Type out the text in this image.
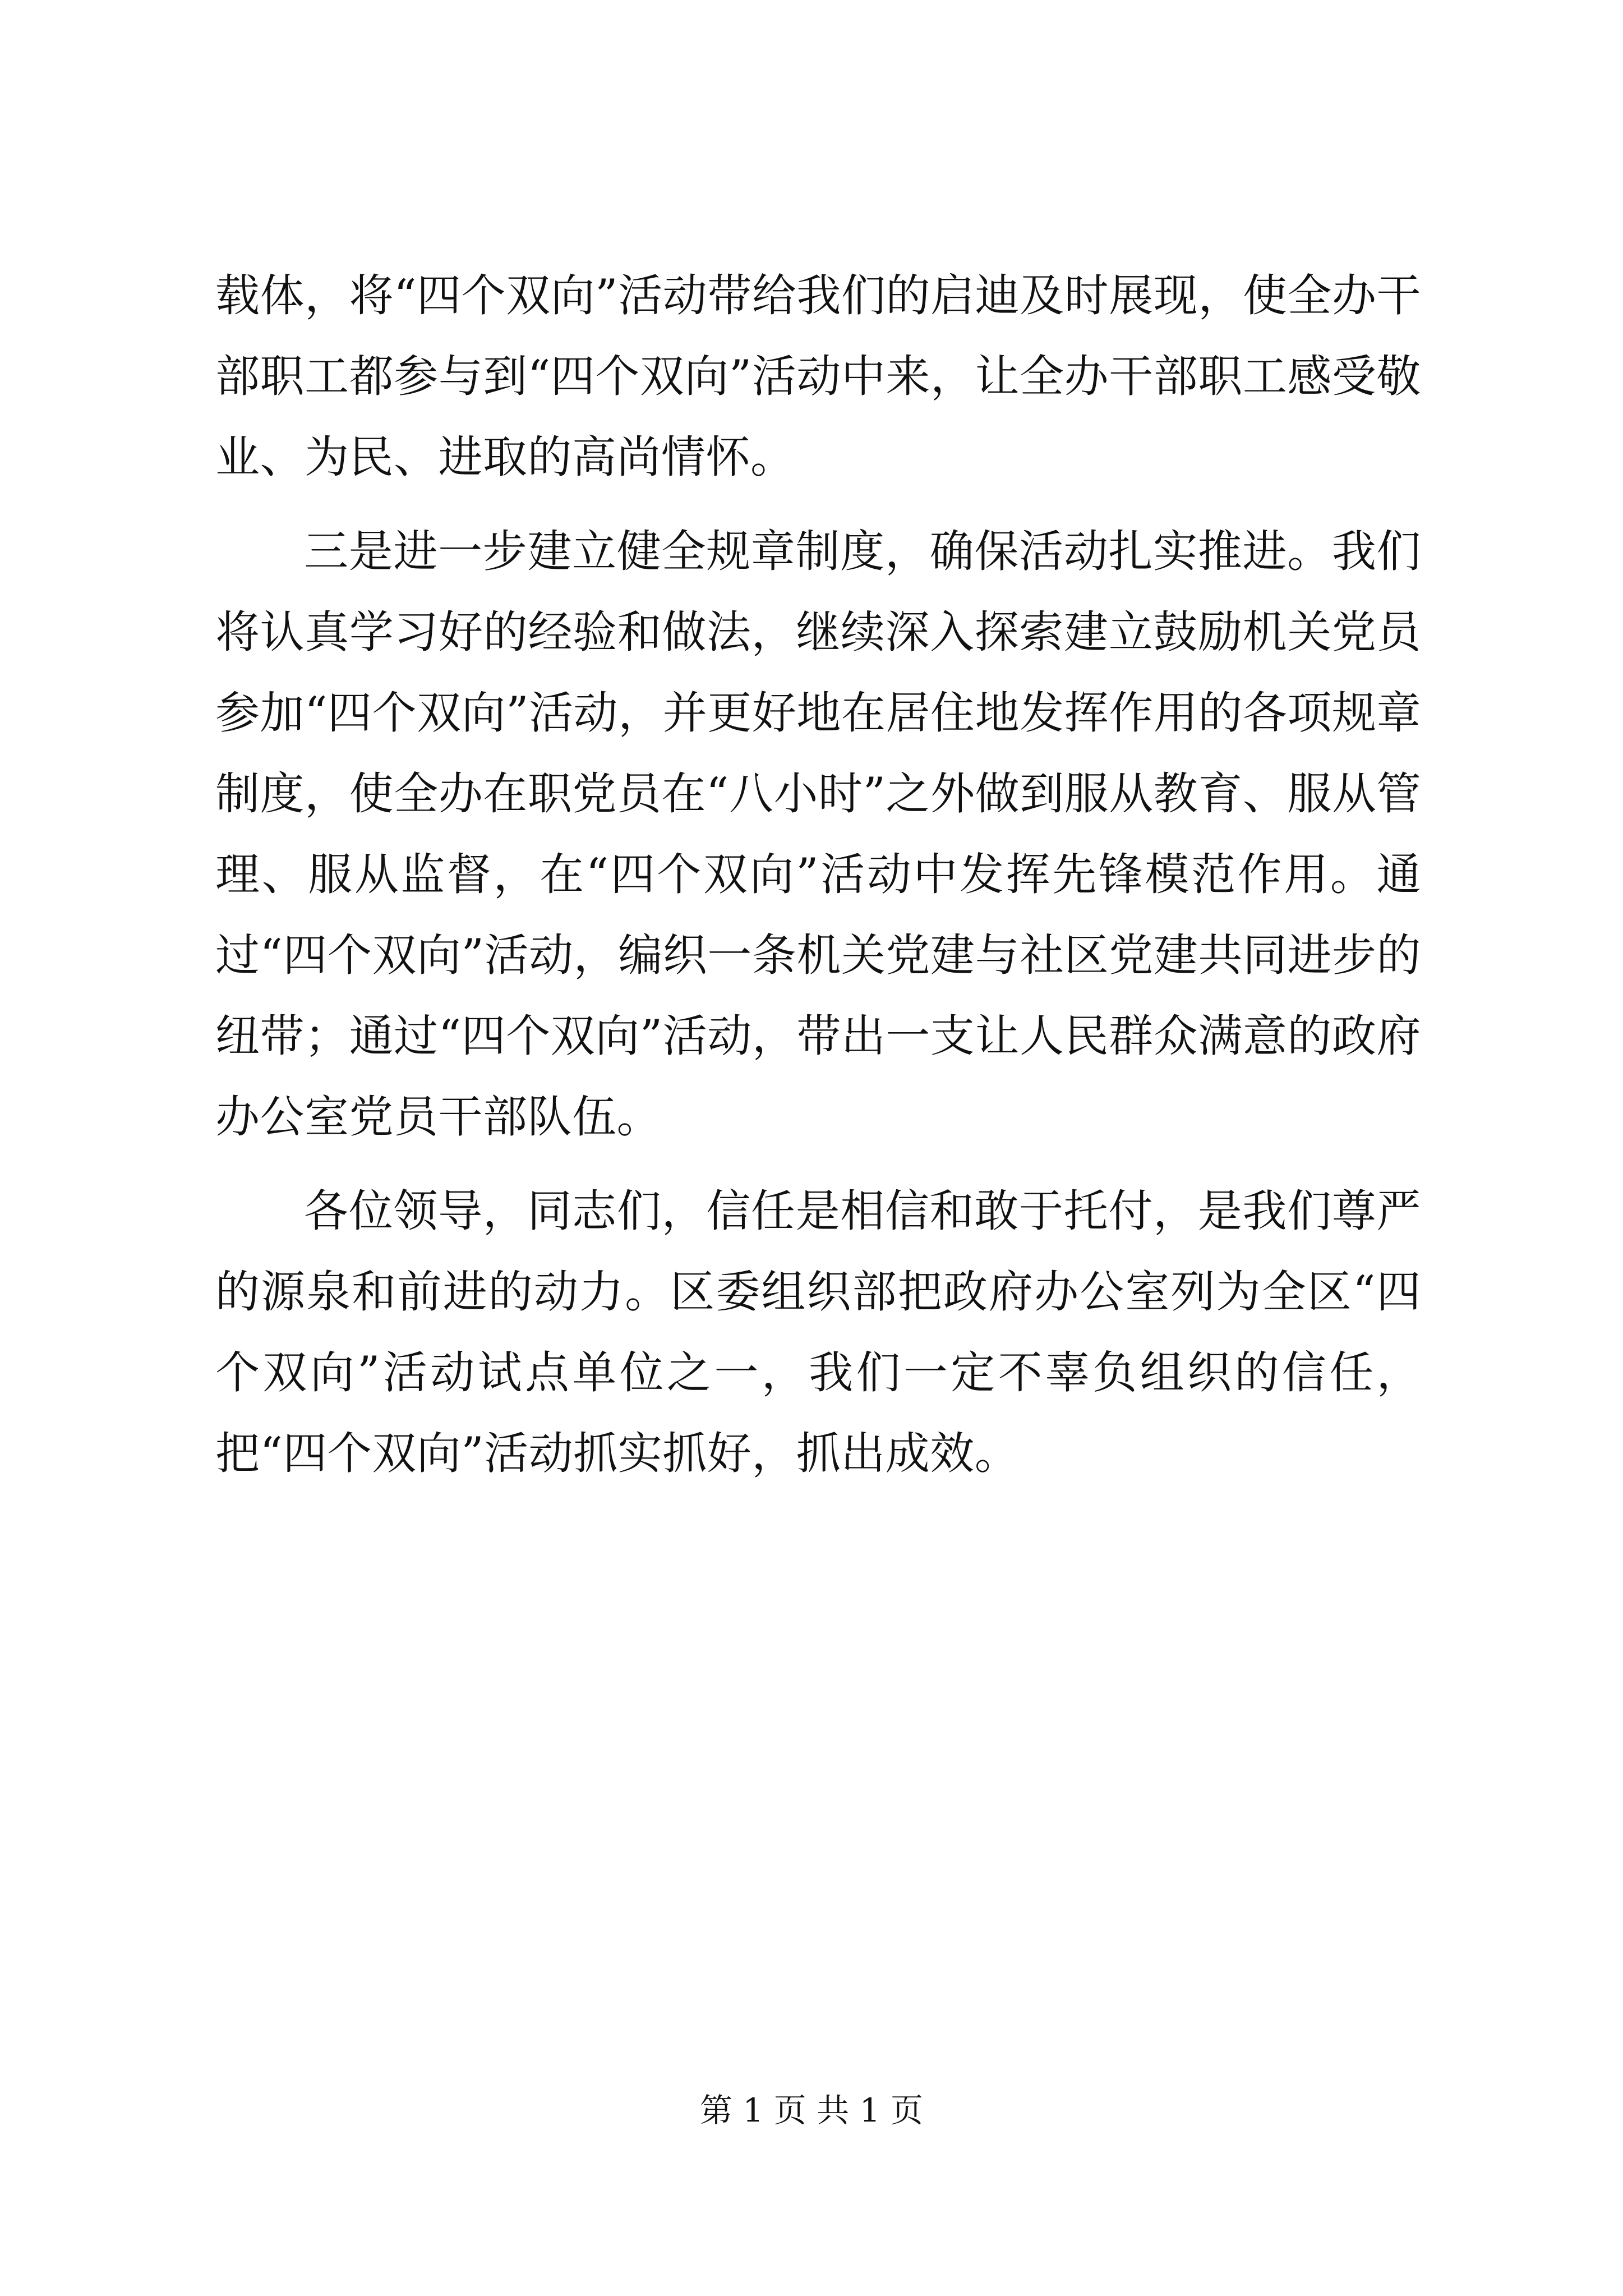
载体，将“四个双向”活动带给我们的启迪及时展现，使全办干部职工都参与到“四个双向”活动中来，让全办干部职工感受敬业、为民、进取的高尚情怀。

三是进一步建立健全规章制度，确保活动扎实推进。我们将认真学习好的经验和做法，继续深入探索建立鼓励机关党员参加“四个双向”活动，并更好地在居住地发挥作用的各项规章制度，使全办在职党员在“八小时”之外做到服从教育、服从管理、服从监督，在“四个双向”活动中发挥先锋模范作用。通过“四个双向”活动，编织一条机关党建与社区党建共同进步的纽带；通过“四个双向”活动，带出一支让人民群众满意的政府办公室党员干部队伍。

各位领导，同志们，信任是相信和敢于托付，是我们尊严的源泉和前进的动力。区委组织部把政府办公室列为全区“四个双向”活动试点单位之一，我们一定不辜负组织的信任，把“四个双向”活动抓实抓好，抓出成效。

第 1 页 共 1 页
